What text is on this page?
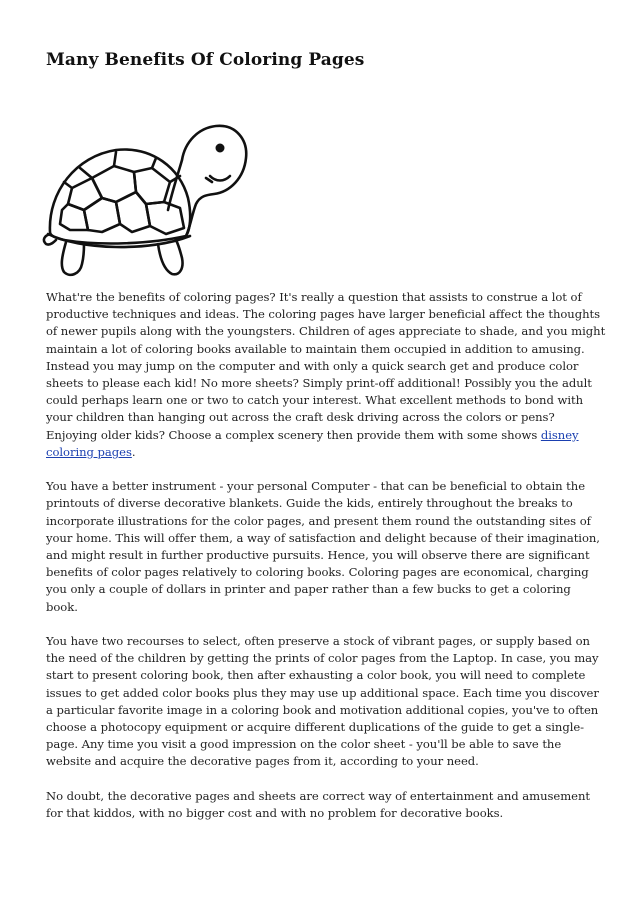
Many Benefits Of Coloring Pages

What're the benefits of coloring pages? It's really a question that assists to construe a lot of productive techniques and ideas. The coloring pages have larger beneficial affect the thoughts of newer pupils along with the youngsters. Children of ages appreciate to shade, and you might maintain a lot of coloring books available to maintain them occupied in addition to amusing. Instead you may jump on the computer and with only a quick search get and produce color sheets to please each kid! No more sheets? Simply print-off additional! Possibly you the adult could perhaps learn one or two to catch your interest. What excellent methods to bond with your children than hanging out across the craft desk driving across the colors or pens? Enjoying older kids? Choose a complex scenery then provide them with some shows disney coloring pages.

You have a better instrument - your personal Computer - that can be beneficial to obtain the printouts of diverse decorative blankets. Guide the kids, entirely throughout the breaks to incorporate illustrations for the color pages, and present them round the outstanding sites of your home. This will offer them, a way of satisfaction and delight because of their imagination, and might result in further productive pursuits. Hence, you will observe there are significant benefits of color pages relatively to coloring books. Coloring pages are economical, charging you only a couple of dollars in printer and paper rather than a few bucks to get a coloring book.

You have two recourses to select, often preserve a stock of vibrant pages, or supply based on the need of the children by getting the prints of color pages from the Laptop. In case, you may start to present coloring book, then after exhausting a color book, you will need to complete issues to get added color books plus they may use up additional space. Each time you discover a particular favorite image in a coloring book and motivation additional copies, you've to often choose a photocopy equipment or acquire different duplications of the guide to get a single-page. Any time you visit a good impression on the color sheet - you'll be able to save the website and acquire the decorative pages from it, according to your need.

No doubt, the decorative pages and sheets are correct way of entertainment and amusement for that kiddos, with no bigger cost and with no problem for decorative books.
